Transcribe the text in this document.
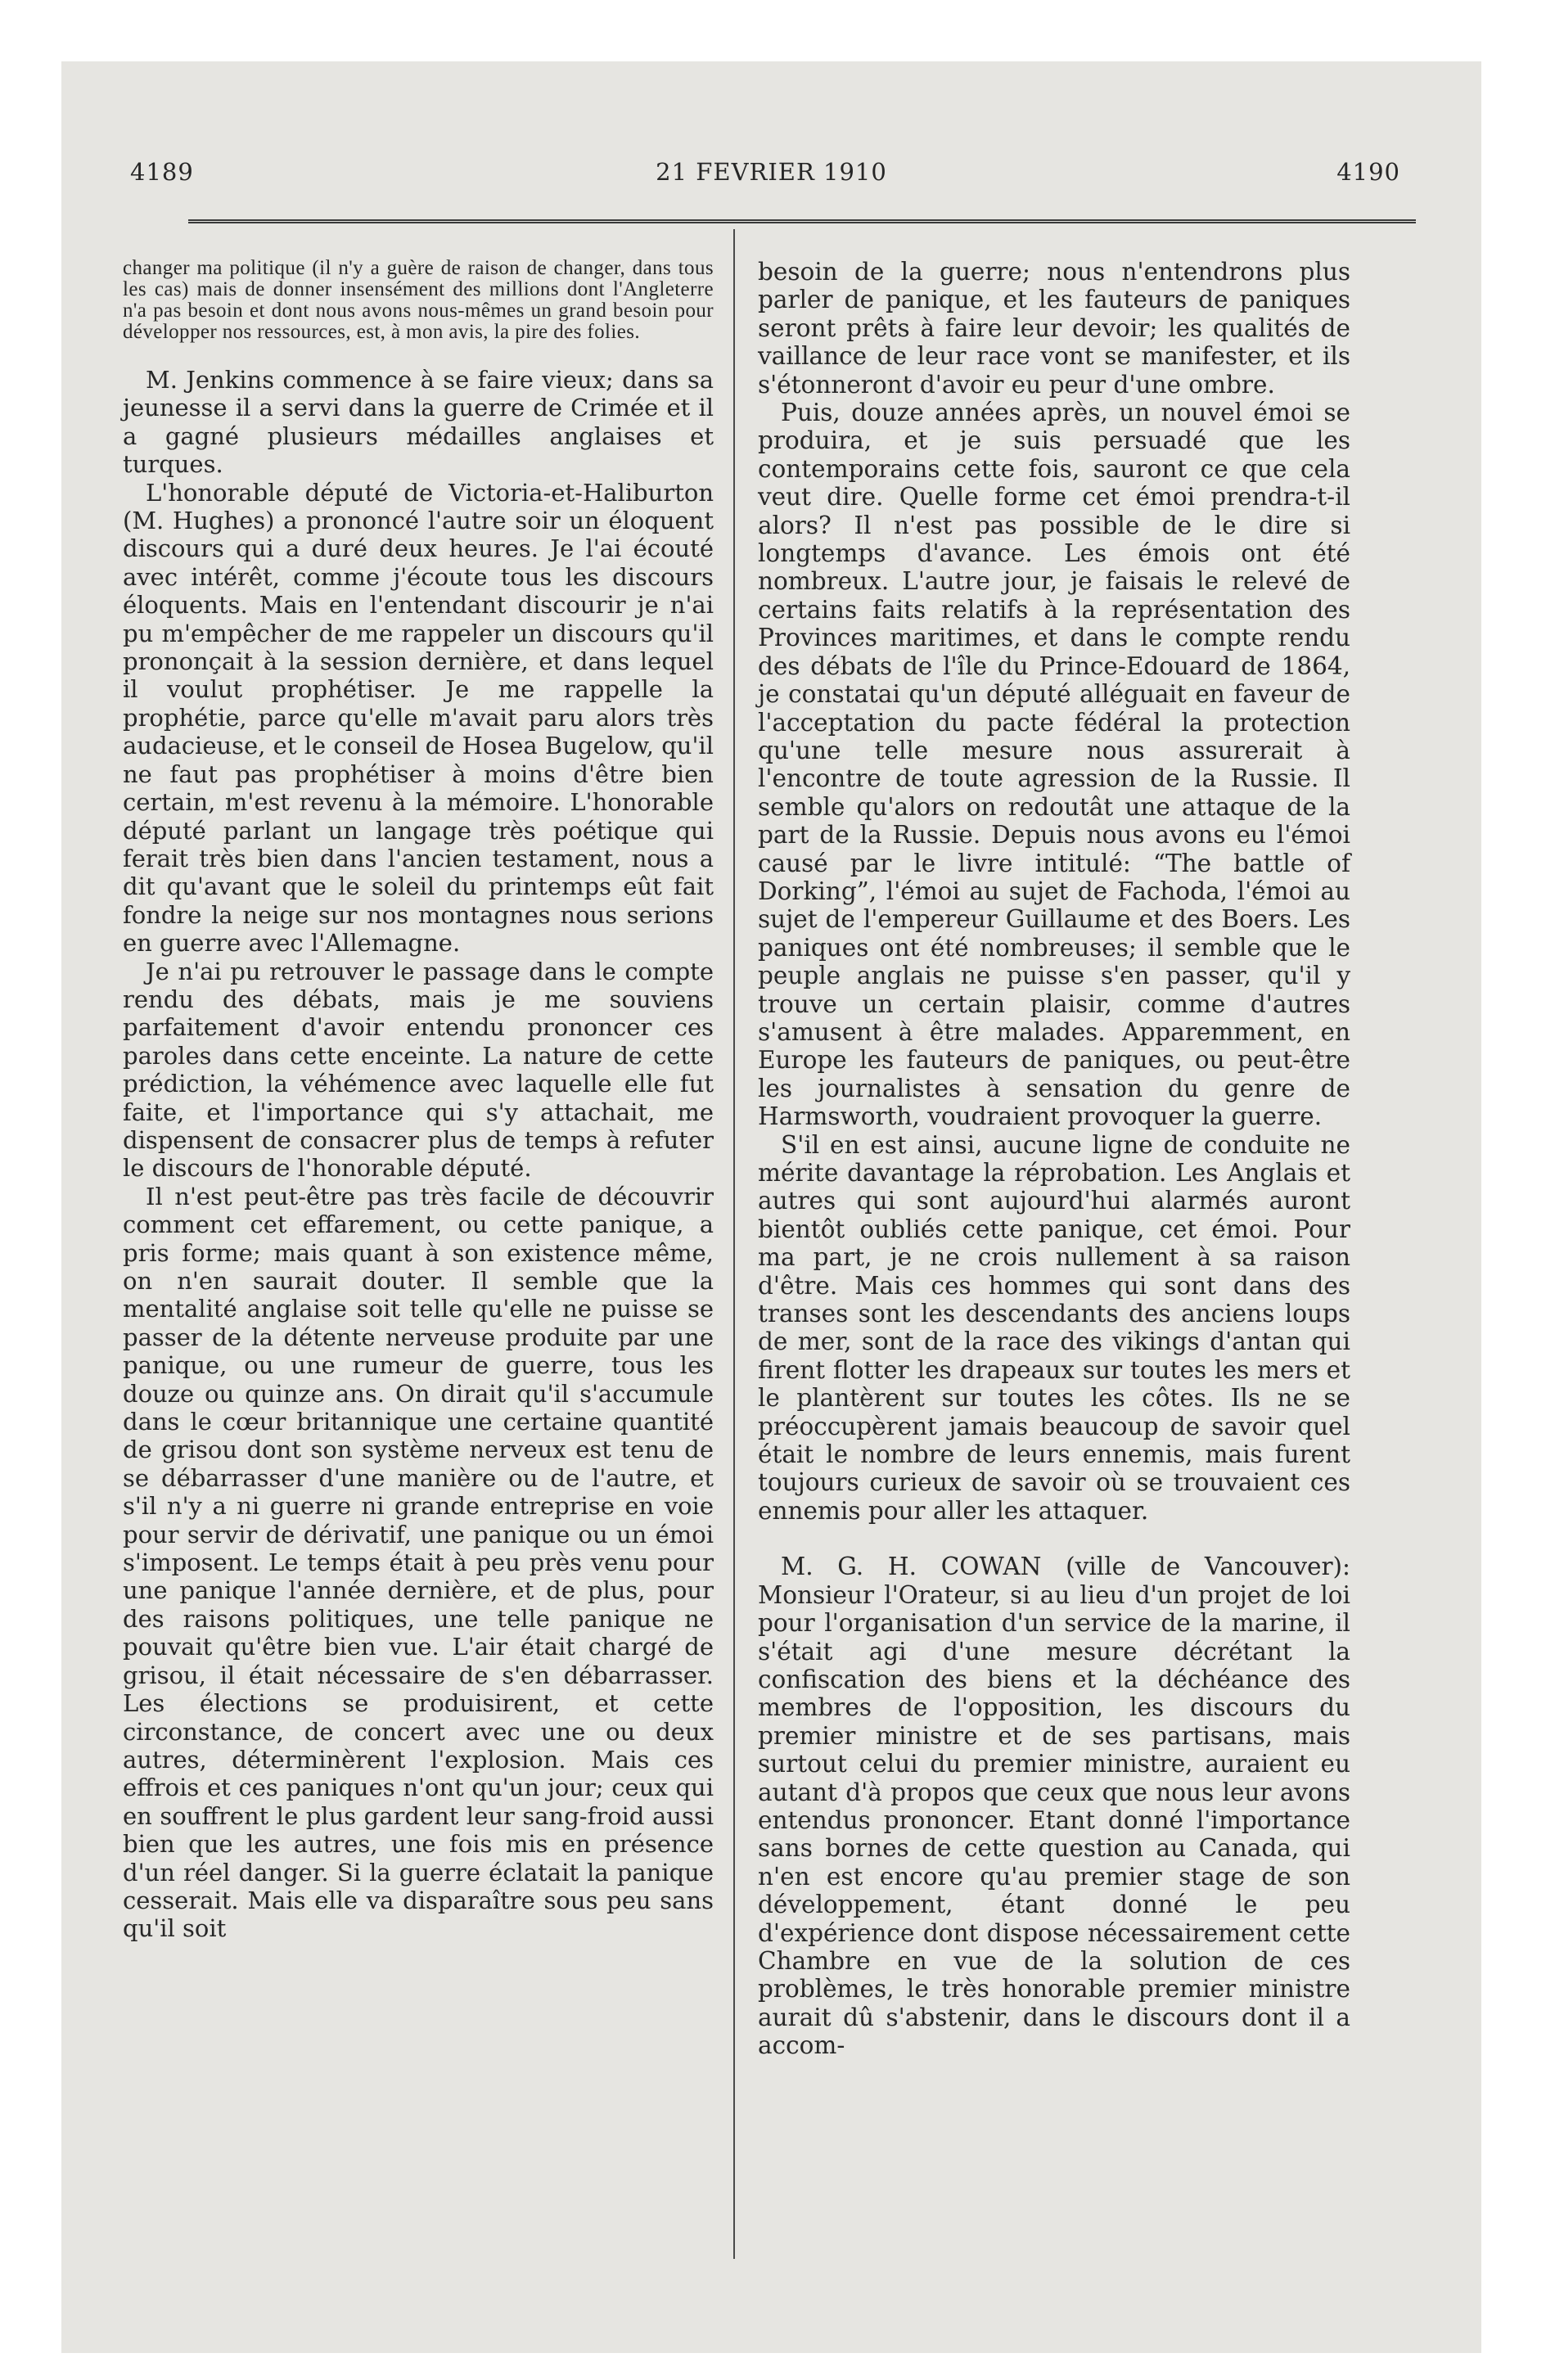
4189	21 FEVRIER 1910	4190

changer ma politique (il n'y a guère de raison de changer, dans tous les cas) mais de donner insensément des millions dont l'Angleterre n'a pas besoin et dont nous avons nous-mêmes un grand besoin pour développer nos ressources, est, à mon avis, la pire des folies.

M. Jenkins commence à se faire vieux; dans sa jeunesse il a servi dans la guerre de Crimée et il a gagné plusieurs médailles anglaises et turques.

L'honorable député de Victoria-et-Haliburton (M. Hughes) a prononcé l'autre soir un éloquent discours qui a duré deux heures. Je l'ai écouté avec intérêt, comme j'écoute tous les discours éloquents. Mais en l'entendant discourir je n'ai pu m'empêcher de me rappeler un discours qu'il prononçait à la session dernière, et dans lequel il voulut prophétiser. Je me rappelle la prophétie, parce qu'elle m'avait paru alors très audacieuse, et le conseil de Hosea Bugelow, qu'il ne faut pas prophétiser à moins d'être bien certain, m'est revenu à la mémoire. L'honorable député parlant un langage très poétique qui ferait très bien dans l'ancien testament, nous a dit qu'avant que le soleil du printemps eût fait fondre la neige sur nos montagnes nous serions en guerre avec l'Allemagne.

Je n'ai pu retrouver le passage dans le compte rendu des débats, mais je me souviens parfaitement d'avoir entendu prononcer ces paroles dans cette enceinte. La nature de cette prédiction, la véhémence avec laquelle elle fut faite, et l'importance qui s'y attachait, me dispensent de consacrer plus de temps à refuter le discours de l'honorable député.

Il n'est peut-être pas très facile de découvrir comment cet effarement, ou cette panique, a pris forme; mais quant à son existence même, on n'en saurait douter. Il semble que la mentalité anglaise soit telle qu'elle ne puisse se passer de la détente nerveuse produite par une panique, ou une rumeur de guerre, tous les douze ou quinze ans. On dirait qu'il s'accumule dans le cœur britannique une certaine quantité de grisou dont son système nerveux est tenu de se débarrasser d'une manière ou de l'autre, et s'il n'y a ni guerre ni grande entreprise en voie pour servir de dérivatif, une panique ou un émoi s'imposent. Le temps était à peu près venu pour une panique l'année dernière, et de plus, pour des raisons politiques, une telle panique ne pouvait qu'être bien vue. L'air était chargé de grisou, il était nécessaire de s'en débarrasser. Les élections se produisirent, et cette circonstance, de concert avec une ou deux autres, déterminèrent l'explosion. Mais ces effrois et ces paniques n'ont qu'un jour; ceux qui en souffrent le plus gardent leur sang-froid aussi bien que les autres, une fois mis en présence d'un réel danger. Si la guerre éclatait la panique cesserait. Mais elle va disparaître sous peu sans qu'il soit

besoin de la guerre; nous n'entendrons plus parler de panique, et les fauteurs de paniques seront prêts à faire leur devoir; les qualités de vaillance de leur race vont se manifester, et ils s'étonneront d'avoir eu peur d'une ombre.

Puis, douze années après, un nouvel émoi se produira, et je suis persuadé que les contemporains cette fois, sauront ce que cela veut dire. Quelle forme cet émoi prendra-t-il alors? Il n'est pas possible de le dire si longtemps d'avance. Les émois ont été nombreux. L'autre jour, je faisais le relevé de certains faits relatifs à la représentation des Provinces maritimes, et dans le compte rendu des débats de l'île du Prince-Edouard de 1864, je constatai qu'un député alléguait en faveur de l'acceptation du pacte fédéral la protection qu'une telle mesure nous assurerait à l'encontre de toute agression de la Russie. Il semble qu'alors on redoutât une attaque de la part de la Russie. Depuis nous avons eu l'émoi causé par le livre intitulé: “The battle of Dorking”, l'émoi au sujet de Fachoda, l'émoi au sujet de l'empereur Guillaume et des Boers. Les paniques ont été nombreuses; il semble que le peuple anglais ne puisse s'en passer, qu'il y trouve un certain plaisir, comme d'autres s'amusent à être malades. Apparemment, en Europe les fauteurs de paniques, ou peut-être les journalistes à sensation du genre de Harmsworth, voudraient provoquer la guerre.

S'il en est ainsi, aucune ligne de conduite ne mérite davantage la réprobation. Les Anglais et autres qui sont aujourd'hui alarmés auront bientôt oubliés cette panique, cet émoi. Pour ma part, je ne crois nullement à sa raison d'être. Mais ces hommes qui sont dans des transes sont les descendants des anciens loups de mer, sont de la race des vikings d'antan qui firent flotter les drapeaux sur toutes les mers et le plantèrent sur toutes les côtes. Ils ne se préoccupèrent jamais beaucoup de savoir quel était le nombre de leurs ennemis, mais furent toujours curieux de savoir où se trouvaient ces ennemis pour aller les attaquer.

M. G. H. COWAN (ville de Vancouver): Monsieur l'Orateur, si au lieu d'un projet de loi pour l'organisation d'un service de la marine, il s'était agi d'une mesure décrétant la confiscation des biens et la déchéance des membres de l'opposition, les discours du premier ministre et de ses partisans, mais surtout celui du premier ministre, auraient eu autant d'à propos que ceux que nous leur avons entendus prononcer. Etant donné l'importance sans bornes de cette question au Canada, qui n'en est encore qu'au premier stage de son développement, étant donné le peu d'expérience dont dispose nécessairement cette Chambre en vue de la solution de ces problèmes, le très honorable premier ministre aurait dû s'abstenir, dans le discours dont il a accom-
